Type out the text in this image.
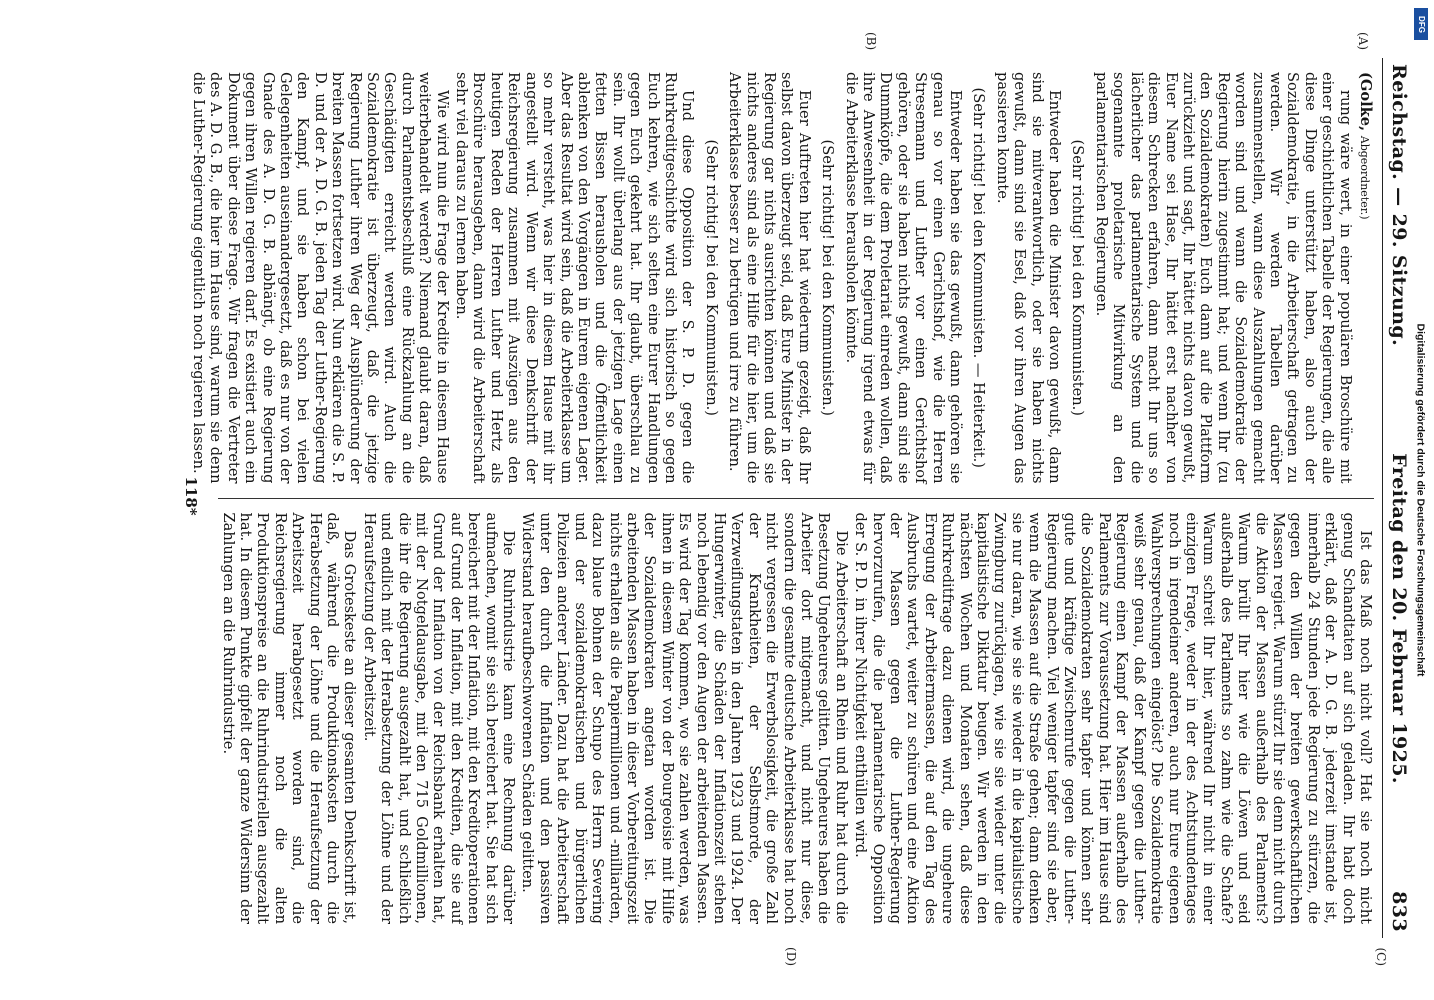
Reichstag. — 29. Sitzung.
Freitag den 20. Februar 1925.
833

(Golke, Abgeordneter.)

rung wäre wert, in einer populären Broschüre mit einer geschichtlichen Tabelle der Regierungen, die alle diese Dinge unterstützt haben, also auch der Sozialdemokratie, in die Arbeiterschaft getragen zu werden. Wir werden Tabellen darüber zusammenstellen, wann diese Auszahlungen gemacht worden sind und wann die Sozialdemokratie der Regierung hierin zugestimmt hat; und wenn Ihr (zu den Sozialdemokraten) Euch dann auf die Plattform zurückzieht und sagt, Ihr hättet nichts davon gewußt, Euer Name sei Hase, Ihr hättet erst nachher von diesem Schrecken erfahren, dann macht Ihr uns so lächerlicher das parlamentarische System und die sogenannte proletarische Mitwirkung an den parlamentarischen Regierungen.

(Sehr richtig! bei den Kommunisten.)

Entweder haben die Minister davon gewußt, dann sind sie mitverantwortlich, oder sie haben nichts gewußt, dann sind sie Esel, daß vor ihren Augen das passieren konnte.

(Sehr richtig! bei den Kommunisten. — Heiterkeit.)

Entweder haben sie das gewußt, dann gehören sie genau so vor einen Gerichtshof, wie die Herren Stresemann und Luther vor einen Gerichtshof gehören, oder sie haben nichts gewußt, dann sind sie Dummköpfe, die dem Proletariat einreden wollen, daß ihre Anwesenheit in der Regierung irgend etwas für die Arbeiterklasse herausholen könnte.

(Sehr richtig! bei den Kommunisten.)

Euer Auftreten hier hat wiederum gezeigt, daß Ihr selbst davon überzeugt seid, daß Eure Minister in der Regierung gar nichts ausrichten können und daß sie nichts anderes sind als eine Hilfe für die hier, um die Arbeiterklasse besser zu betrügen und irre zu führen.

(Sehr richtig! bei den Kommunisten.)

Und diese Opposition der S. P. D. gegen die Ruhrkreditgeschichte wird sich historisch so gegen Euch kehren, wie sich selten eine Eurer Handlungen gegen Euch gekehrt hat. Ihr glaubt, überschlau zu sein. Ihr wollt überlang aus der jetzigen Lage einen fetten Bissen herausholen und die Öffentlichkeit ablenken von den Vorgängen in Eurem eigenen Lager. Aber das Resultat wird sein, daß die Arbeiterklasse um so mehr versteht, was hier in diesem Hause mit ihr angestellt wird. Wenn wir diese Denkschrift der Reichsregierung zusammen mit Auszügen aus den heutigen Reden der Herren Luther und Hertz als Broschüre herausgeben, dann wird die Arbeiterschaft sehr viel daraus zu lernen haben.

Wie wird nun die Frage der Kredite in diesem Hause weiterbehandelt werden? Niemand glaubt daran, daß durch Parlamentsbeschluß eine Rückzahlung an die Geschädigten erreicht werden wird. Auch die Sozialdemokratie ist überzeugt, daß die jetzige Regierung Luther ihren Weg der Ausplünderung der breiten Massen fortsetzen wird. Nun erklären die S. P. D. und der A. D. G. B. jeden Tag der Luther-Regierung den Kampf, und sie haben schon bei vielen Gelegenheiten auseinandergesetzt, daß es nur von der Gnade des A. D. G. B. abhängt, ob eine Regierung gegen ihren Willen regieren darf. Es existiert auch ein Dokument über diese Frage. Wir fragen die Vertreter des A. D. G. B., die hier im Hause sind, warum sie denn die Luther-Regierung eigentlich noch regieren lassen.

Ist das Maß noch nicht voll? Hat sie noch nicht genug Schandtaten auf sich geladen. Ihr habt doch erklärt, daß der A. D. G. B. jederzeit imstande ist, innerhalb 24 Stunden jede Regierung zu stürzen, die gegen den Willen der breiten gewerkschaftlichen Massen regiert. Warum stürzt Ihr sie denn nicht durch die Aktion der Massen außerhalb des Parlaments? Warum brüllt Ihr hier wie die Löwen und seid außerhalb des Parlaments so zahm wie die Schafe? Warum schreit Ihr hier, während Ihr nicht in einer einzigen Frage, weder in der des Achtstundentages noch in irgendeiner anderen, auch nur Eure eigenen Wahlversprechungen eingelöst? Die Sozialdemokratie weiß sehr genau, daß der Kampf gegen die Luther-Regierung einen Kampf der Massen außerhalb des Parlaments zur Voraussetzung hat. Hier im Hause sind die Sozialdemokraten sehr tapfer und können sehr gute und kräftige Zwischenrufe gegen die Luther-Regierung machen. Viel weniger tapfer sind sie aber, wenn die Massen auf die Straße gehen; dann denken sie nur daran, wie sie sie wieder in die kapitalistische Zwingburg zurückjagen, wie sie sie wieder unter die kapitalistische Diktatur beugen. Wir werden in den nächsten Wochen und Monaten sehen, daß diese Ruhrkreditfrage dazu dienen wird, die ungeheure Erregung der Arbeitermassen, die auf den Tag des Ausbruchs wartet, weiter zu schüren und eine Aktion der Massen gegen die Luther-Regierung hervorzurufen, die die parlamentarische Opposition der S. P. D. in ihrer Nichtigkeit enthüllen wird.

Die Arbeiterschaft an Rhein und Ruhr hat durch die Besetzung Ungeheures gelitten. Ungeheures haben die Arbeiter dort mitgemacht, und nicht nur diese, sondern die gesamte deutsche Arbeiterklasse hat noch nicht vergessen die Erwerbslosigkeit, die große Zahl der Krankheiten, der Selbstmorde, der Verzweiflungstaten in den Jahren 1923 und 1924. Der Hungerwinter, die Schäden der Inflationszeit stehen noch lebendig vor den Augen der arbeitenden Massen. Es wird der Tag kommen, wo sie zahlen werden, was ihnen in diesem Winter von der Bourgeoisie mit Hilfe der Sozialdemokraten angetan worden ist. Die arbeitenden Massen haben in dieser Vorbereitungszeit nichts erhalten als die Papiermillionen und -milliarden, dazu blaue Bohnen der Schupo des Herrn Severing und der sozialdemokratischen und bürgerlichen Polizeien anderer Länder. Dazu hat die Arbeiterschaft unter den durch die Inflation und den passiven Widerstand heraufbeschworenen Schäden gelitten.

Die Ruhrindustrie kann eine Rechnung darüber aufmachen, womit sie sich bereichert hat. Sie hat sich bereichert mit der Inflation, mit den Kreditoperationen auf Grund der Inflation, mit den Krediten, die sie auf Grund der Inflation von der Reichsbank erhalten hat, mit der Notgeldausgabe, mit den 715 Goldmillionen, die ihr die Regierung ausgezahlt hat, und schließlich und endlich mit der Herabsetzung der Löhne und der Heraufsetzung der Arbeitszeit.

Das Groteskeste an dieser gesamten Denkschrift ist, daß, während die Produktionskosten durch die Herabsetzung der Löhne und die Heraufsetzung der Arbeitszeit herabgesetzt worden sind, die Reichsregierung immer noch die alten Produktionspreise an die Ruhrindustriellen ausgezahlt hat. In diesem Punkte gipfelt der ganze Widersinn der Zahlungen an die Ruhrindustrie.

(A)
(B)
(C)
(D)
118*	Digitalisierung gefördert durch die Deutsche Forschungsgemeinschaft
DFG
